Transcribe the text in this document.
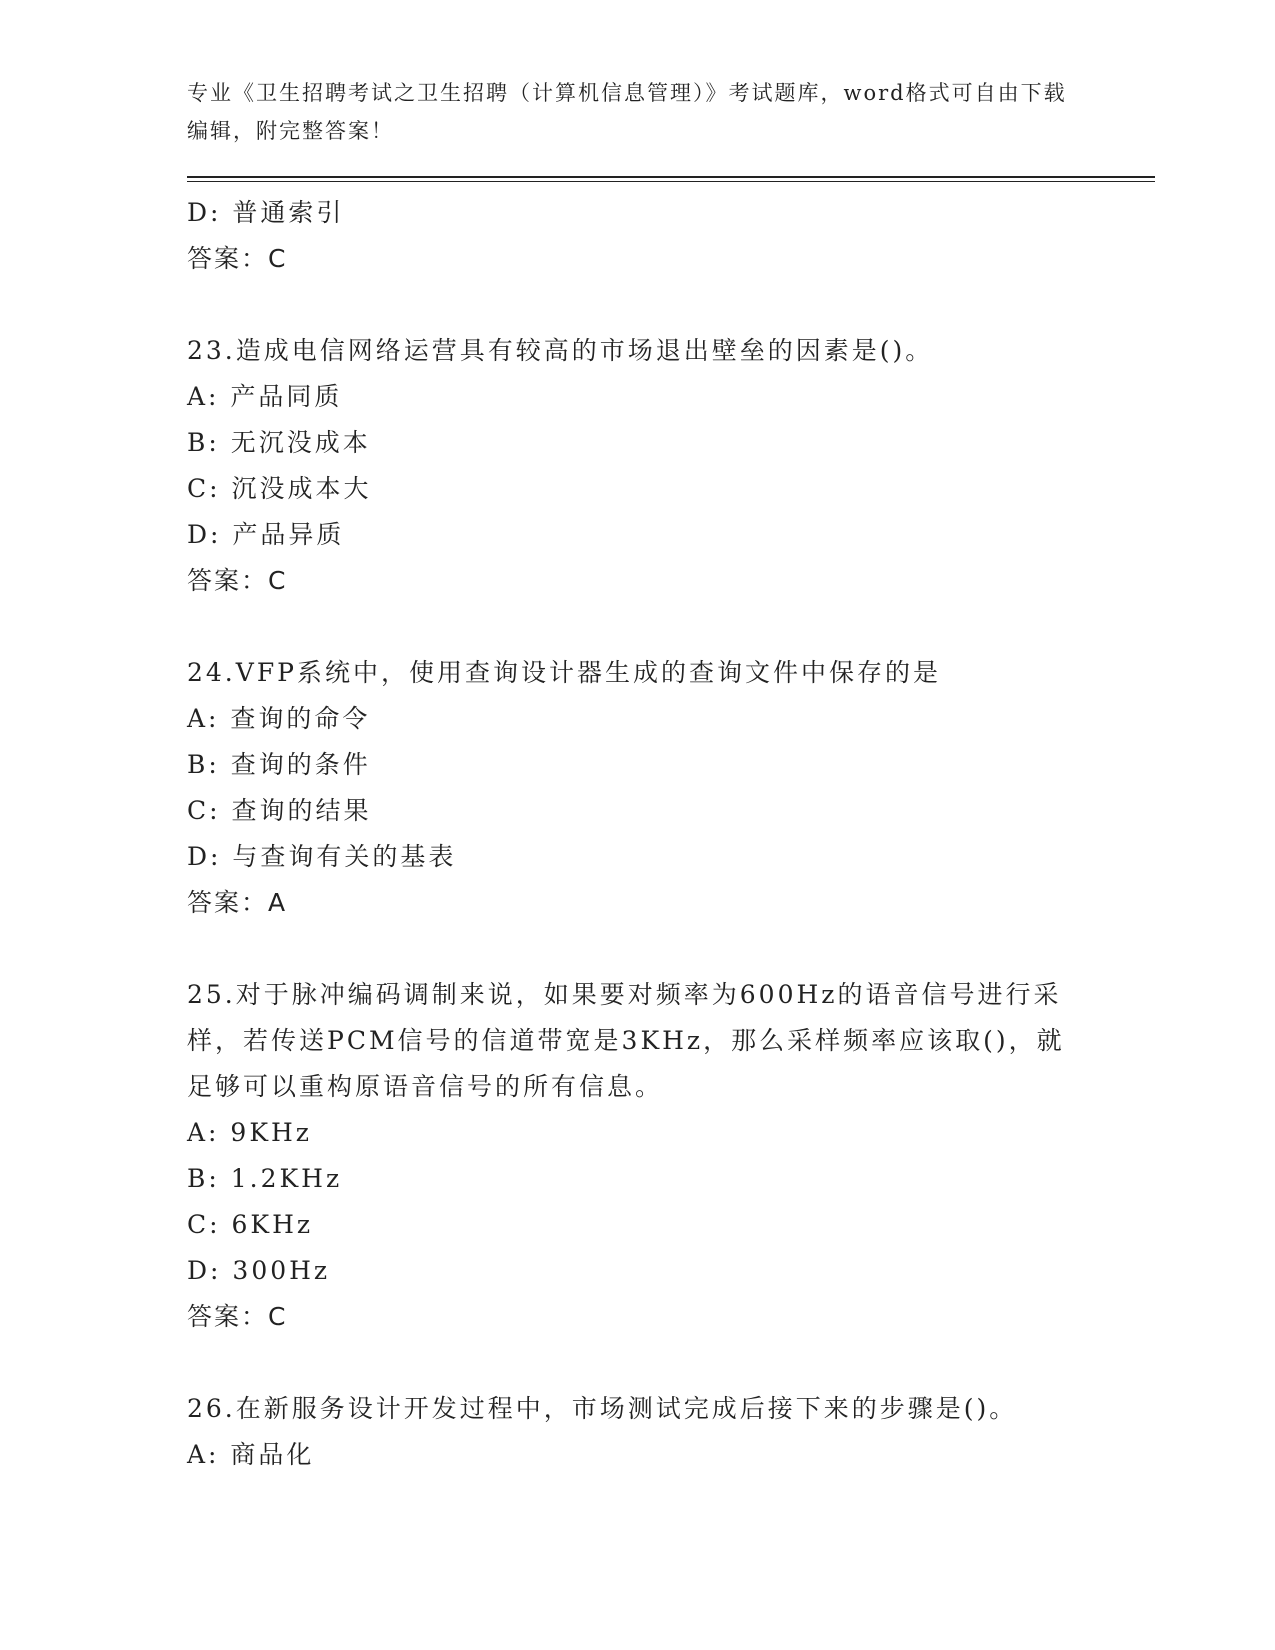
专业《卫生招聘考试之卫生招聘（计算机信息管理）》考试题库，word格式可自由下载编辑，附完整答案！
D: 普通索引
答案：C
23.造成电信网络运营具有较高的市场退出壁垒的因素是()。
A: 产品同质
B: 无沉没成本
C: 沉没成本大
D: 产品异质
答案：C
24.VFP系统中，使用查询设计器生成的查询文件中保存的是
A: 查询的命令
B: 查询的条件
C: 查询的结果
D: 与查询有关的基表
答案：A
25.对于脉冲编码调制来说，如果要对频率为600Hz的语音信号进行采样，若传送PCM信号的信道带宽是3KHz，那么采样频率应该取()，就足够可以重构原语音信号的所有信息。
A: 9KHz
B: 1.2KHz
C: 6KHz
D: 300Hz
答案：C
26.在新服务设计开发过程中，市场测试完成后接下来的步骤是()。
A: 商品化
